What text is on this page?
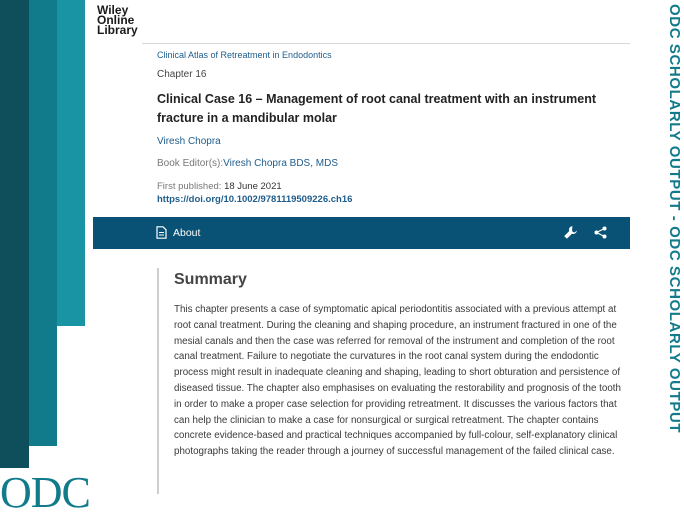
ODC
ODC SCHOLARLY OUTPUT - ODC SCHOLARLY OUTPUT
Wiley
Online
Library
Clinical Atlas of Retreatment in Endodontics
Chapter 16
Clinical Case 16 – Management of root canal treatment with an instrument fracture in a mandibular molar
Viresh Chopra
Book Editor(s):Viresh Chopra BDS, MDS
First published: 18 June 2021
https://doi.org/10.1002/9781119509226.ch16
About
Summary

This chapter presents a case of symptomatic apical periodontitis associated with a previous attempt at root canal treatment. During the cleaning and shaping procedure, an instrument fractured in one of the mesial canals and then the case was referred for removal of the instrument and completion of the root canal treatment. Failure to negotiate the curvatures in the root canal system during the endodontic process might result in inadequate cleaning and shaping, leading to short obturation and persistence of diseased tissue. The chapter also emphasises on evaluating the restorability and prognosis of the tooth in order to make a proper case selection for providing retreatment. It discusses the various factors that can help the clinician to make a case for nonsurgical or surgical retreatment. The chapter contains concrete evidence-based and practical techniques accompanied by full-colour, self-explanatory clinical photographs taking the reader through a journey of successful management of the failed clinical case.
